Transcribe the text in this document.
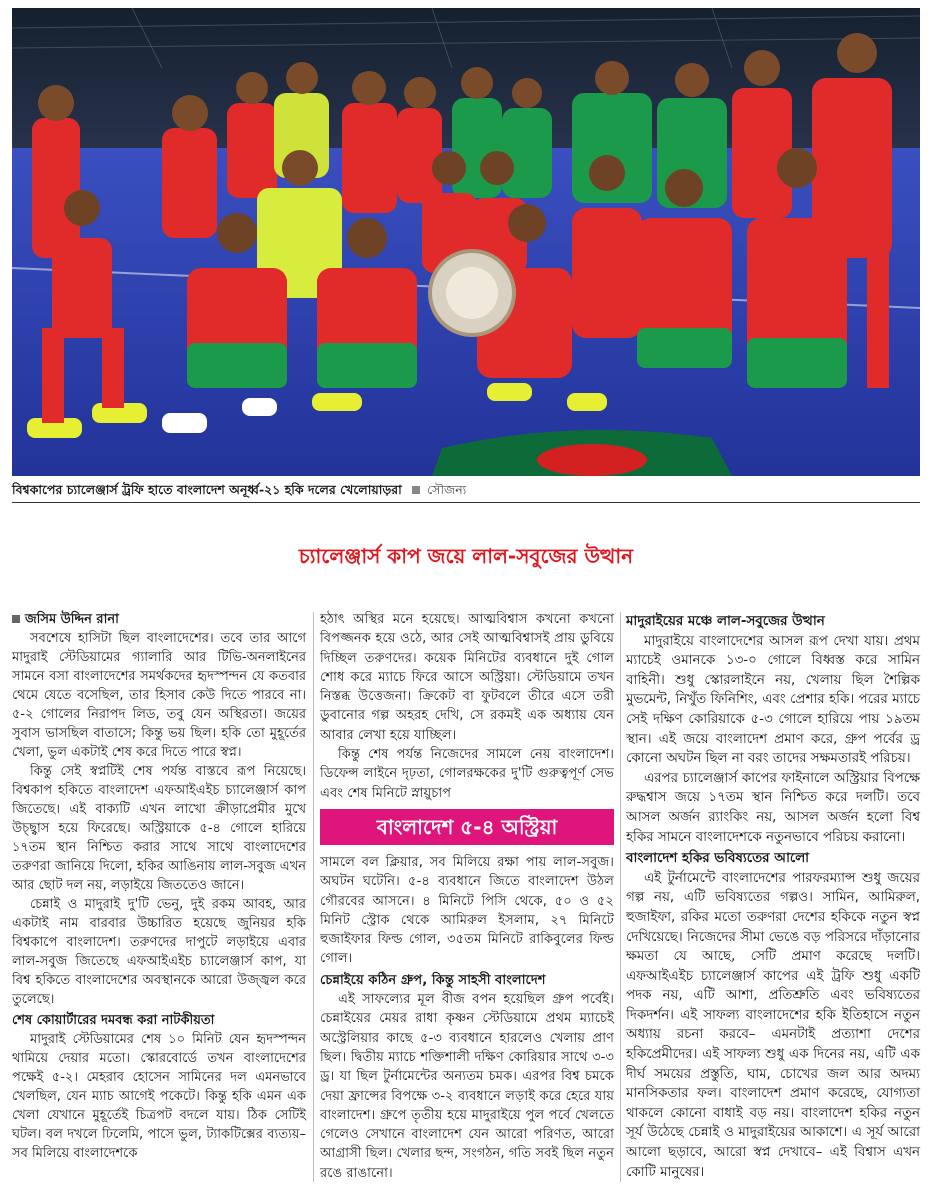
বিশ্বকাপের চ্যালেঞ্জার্স ট্রফি হাতে বাংলাদেশ অনূর্ধ্ব-২১ হকি দলের খেলোয়াড়রা সৌজন্য
চ্যালেঞ্জার্স কাপ জয়ে লাল-সবুজের উত্থান
জসিম উদ্দিন রানা

সবশেষে হাসিটা ছিল বাংলাদেশের। তবে তার আগে মাদুরাই স্টেডিয়ামের গ্যালারি আর টিভি-অনলাইনের সামনে বসা বাংলাদেশের সমর্থকদের হৃদস্পন্দন যে কতবার থেমে যেতে বসেছিল, তার হিসাব কেউ দিতে পারবে না। ৫-২ গোলের নিরাপদ লিড, তবু যেন অস্থিরতা। জয়ের সুবাস ভাসছিল বাতাসে; কিন্তু ভয় ছিল। হকি তো মুহূর্তের খেলা, ভুল একটাই শেষ করে দিতে পারে স্বপ্ন।

কিন্তু সেই স্বপ্নটিই শেষ পর্যন্ত বাস্তবে রূপ নিয়েছে। বিশ্বকাপ হকিতে বাংলাদেশ এফআইএইচ চ্যালেঞ্জার্স কাপ জিতেছে। এই বাক্যটি এখন লাখো ক্রীড়াপ্রেমীর মুখে উচ্ছ্বাস হয়ে ফিরেছে। অস্ট্রিয়াকে ৫-৪ গোলে হারিয়ে ১৭তম স্থান নিশ্চিত করার সাথে সাথে বাংলাদেশের তরুণরা জানিয়ে দিলো, হকির আঙিনায় লাল-সবুজ এখন আর ছোট দল নয়, লড়াইয়ে জিততেও জানে।

চেন্নাই ও মাদুরাই দু'টি ভেনু, দুই রকম আবহ, আর একটাই নাম বারবার উচ্চারিত হয়েছে জুনিয়র হকি বিশ্বকাপে বাংলাদেশ। তরুণদের দাপুটে লড়াইয়ে এবার লাল-সবুজ জিতেছে এফআইএইচ চ্যালেঞ্জার্স কাপ, যা বিশ্ব হকিতে বাংলাদেশের অবস্থানকে আরো উজ্জ্বল করে তুলেছে।

শেষ কোয়ার্টারের দমবন্ধ করা নাটকীয়তা

মাদুরাই স্টেডিয়ামের শেষ ১০ মিনিট যেন হৃদস্পন্দন থামিয়ে দেয়ার মতো। স্কোরবোর্ডে তখন বাংলাদেশের পক্ষেই ৫-২। মেহরাব হোসেন সামিনের দল এমনভাবে খেলছিল, যেন ম্যাচ আগেই পকেটে। কিন্তু হকি এমন এক খেলা যেখানে মুহূর্তেই চিত্রপট বদলে যায়। ঠিক সেটিই ঘটল। বল দখলে ঢিলেমি, পাসে ভুল, ট্যাকটিক্সের ব্যত্যয়– সব মিলিয়ে বাংলাদেশকে

হঠাৎ অস্থির মনে হয়েছে। আত্মবিশ্বাস কখনো কখনো বিপজ্জনক হয়ে ওঠে, আর সেই আত্মবিশ্বাসই প্রায় ডুবিয়ে দিচ্ছিল তরুণদের। কয়েক মিনিটের ব্যবধানে দুই গোল শোধ করে ম্যাচে ফিরে আসে অস্ট্রিয়া। স্টেডিয়ামে তখন নিস্তব্ধ উত্তেজনা। ক্রিকেট বা ফুটবলে তীরে এসে তরী ডুবানোর গল্প অহরহ দেখি, সে রকমই এক অধ্যায় যেন আবার লেখা হয়ে যাচ্ছিল।

কিন্তু শেষ পর্যন্ত নিজেদের সামলে নেয় বাংলাদেশ। ডিফেন্স লাইনে দৃঢ়তা, গোলরক্ষকের দু'টি গুরুত্বপূর্ণ সেভ এবং শেষ মিনিটে স্নায়ুচাপ

বাংলাদেশ ৫-৪ অস্ট্রিয়া

সামলে বল ক্লিয়ার, সব মিলিয়ে রক্ষা পায় লাল-সবুজ। অঘটন ঘটেনি। ৫-৪ ব্যবধানে জিতে বাংলাদেশ উঠল গৌরবের আসনে। ৪ মিনিটে পিসি থেকে, ৫০ ও ৫২ মিনিট স্ট্রোক থেকে আমিরুল ইসলাম, ২৭ মিনিটে হুজাইফার ফিল্ড গোল, ৩৫তম মিনিটে রাকিবুলের ফিল্ড গোল।

চেন্নাইয়ে কঠিন গ্রুপ, কিন্তু সাহসী বাংলাদেশ

এই সাফল্যের মূল বীজ বপন হয়েছিল গ্রুপ পর্বেই। চেন্নাইয়ের মেয়র রাধা কৃষ্ণন স্টেডিয়ামে প্রথম ম্যাচেই অস্ট্রেলিয়ার কাছে ৫-৩ ব্যবধানে হারলেও খেলায় প্রাণ ছিল। দ্বিতীয় ম্যাচে শক্তিশালী দক্ষিণ কোরিয়ার সাথে ৩-৩ ড্র। যা ছিল টুর্নামেন্টের অন্যতম চমক। এরপর বিশ্ব চমকে দেয়া ফ্রান্সের বিপক্ষে ৩-২ ব্যবধানে লড়াই করে হেরে যায় বাংলাদেশ। গ্রুপে তৃতীয় হয়ে মাদুরাইয়ে পুল পর্বে খেলতে গেলেও সেখানে বাংলাদেশ যেন আরো পরিণত, আরো আগ্রাসী ছিল। খেলার ছন্দ, সংগঠন, গতি সবই ছিল নতুন রঙে রাঙানো।

মাদুরাইয়ের মঞ্চে লাল-সবুজের উত্থান

মাদুরাইয়ে বাংলাদেশের আসল রূপ দেখা যায়। প্রথম ম্যাচেই ওমানকে ১৩-০ গোলে বিধ্বস্ত করে সামিন বাহিনী। শুধু স্কোরলাইনে নয়, খেলায় ছিল শৈল্পিক মুভমেন্ট, নিখুঁত ফিনিশিং, এবং প্রেশার হকি। পরের ম্যাচে সেই দক্ষিণ কোরিয়াকে ৫-৩ গোলে হারিয়ে পায় ১৯তম স্থান। এই জয়ে বাংলাদেশ প্রমাণ করে, গ্রুপ পর্বের ড্র কোনো অঘটন ছিল না বরং তাদের সক্ষমতারই পরিচয়।

এরপর চ্যালেঞ্জার্স কাপের ফাইনালে অস্ট্রিয়ার বিপক্ষে রুদ্ধশ্বাস জয়ে ১৭তম স্থান নিশ্চিত করে দলটি। তবে আসল অর্জন র‍্যাংকিং নয়, আসল অর্জন হলো বিশ্ব হকির সামনে বাংলাদেশকে নতুনভাবে পরিচয় করানো।

বাংলাদেশ হকির ভবিষ্যতের আলো

এই টুর্নামেন্টে বাংলাদেশের পারফরম্যান্স শুধু জয়ের গল্প নয়, এটি ভবিষ্যতের গল্পও। সামিন, আমিরুল, হুজাইফা, রকির মতো তরুণরা দেশের হকিকে নতুন স্বপ্ন দেখিয়েছে। নিজেদের সীমা ভেঙে বড় পরিসরে দাঁড়ানোর ক্ষমতা যে আছে, সেটি প্রমাণ করেছে দলটি। এফআইএইচ চ্যালেঞ্জার্স কাপের এই ট্রফি শুধু একটি পদক নয়, এটি আশা, প্রতিশ্রুতি এবং ভবিষ্যতের দিকদর্শন। এই সাফল্য বাংলাদেশের হকি ইতিহাসে নতুন অধ্যায় রচনা করবে– এমনটাই প্রত্যাশা দেশের হকিপ্রেমীদের। এই সাফল্য শুধু এক দিনের নয়, এটি এক দীর্ঘ সময়ের প্রস্তুতি, ঘাম, চোখের জল আর অদম্য মানসিকতার ফল। বাংলাদেশ প্রমাণ করেছে, যোগ্যতা থাকলে কোনো বাধাই বড় নয়। বাংলাদেশ হকির নতুন সূর্য উঠেছে চেন্নাই ও মাদুরাইয়ের আকাশে। এ সূর্য আরো আলো ছড়াবে, আরো স্বপ্ন দেখাবে– এই বিশ্বাস এখন কোটি মানুষের।
